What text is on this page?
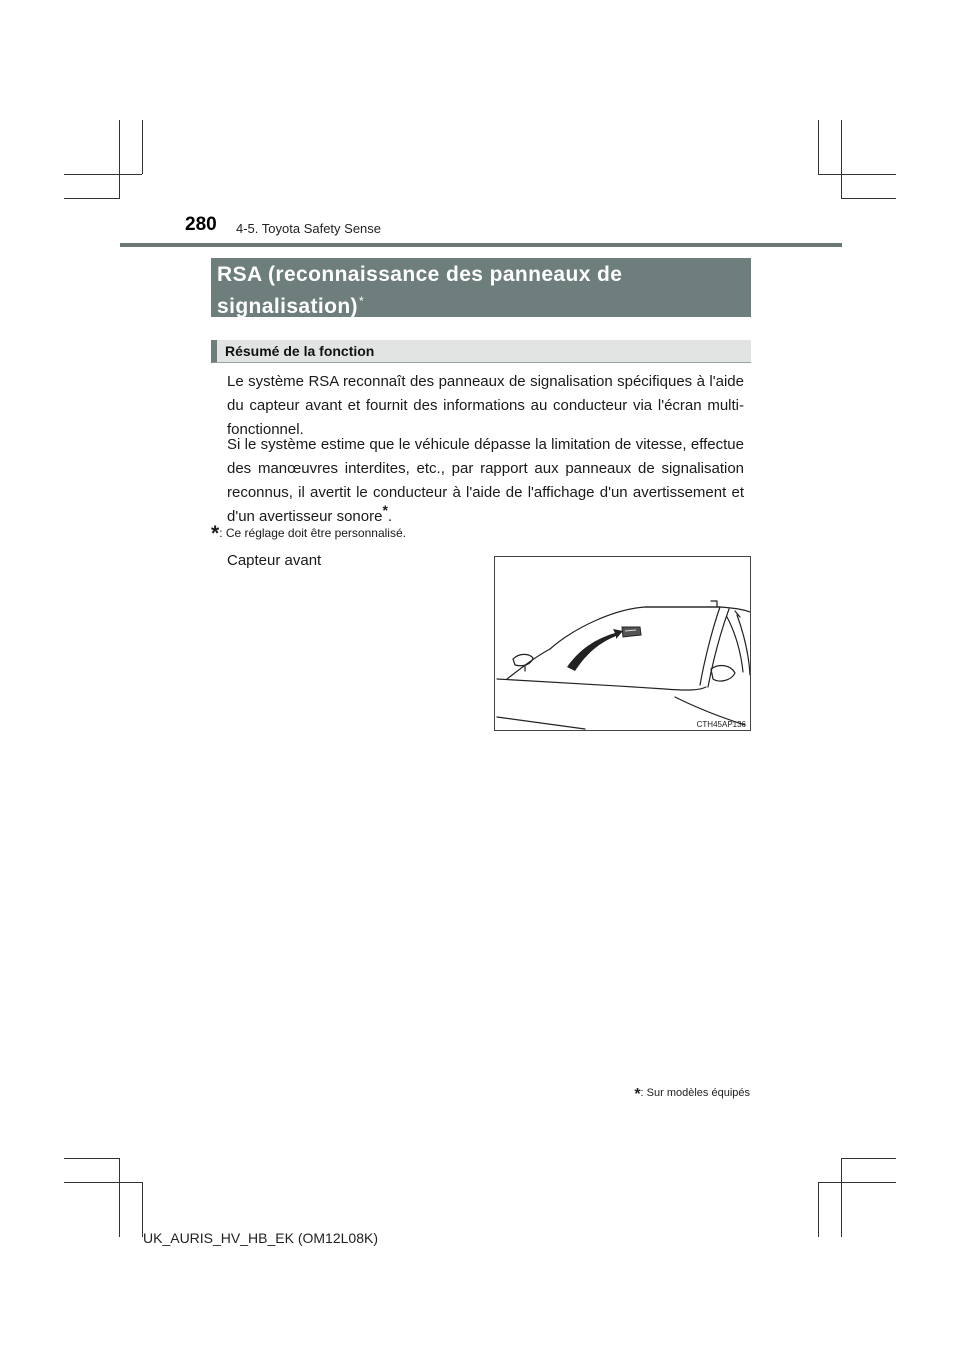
280 4-5. Toyota Safety Sense
RSA (reconnaissance des panneaux de signalisation)*
Résumé de la fonction

Le système RSA reconnaît des panneaux de signalisation spécifiques à l'aide du capteur avant et fournit des informations au conducteur via l'écran multi-fonctionnel.

Si le système estime que le véhicule dépasse la limitation de vitesse, effectue des manœuvres interdites, etc., par rapport aux panneaux de signalisation reconnus, il avertit le conducteur à l'aide de l'affichage d'un avertissement et d'un avertisseur sonore*.

*: Ce réglage doit être personnalisé.
Capteur avant
CTH45AP136
*: Sur modèles équipés
UK_AURIS_HV_HB_EK (OM12L08K)
